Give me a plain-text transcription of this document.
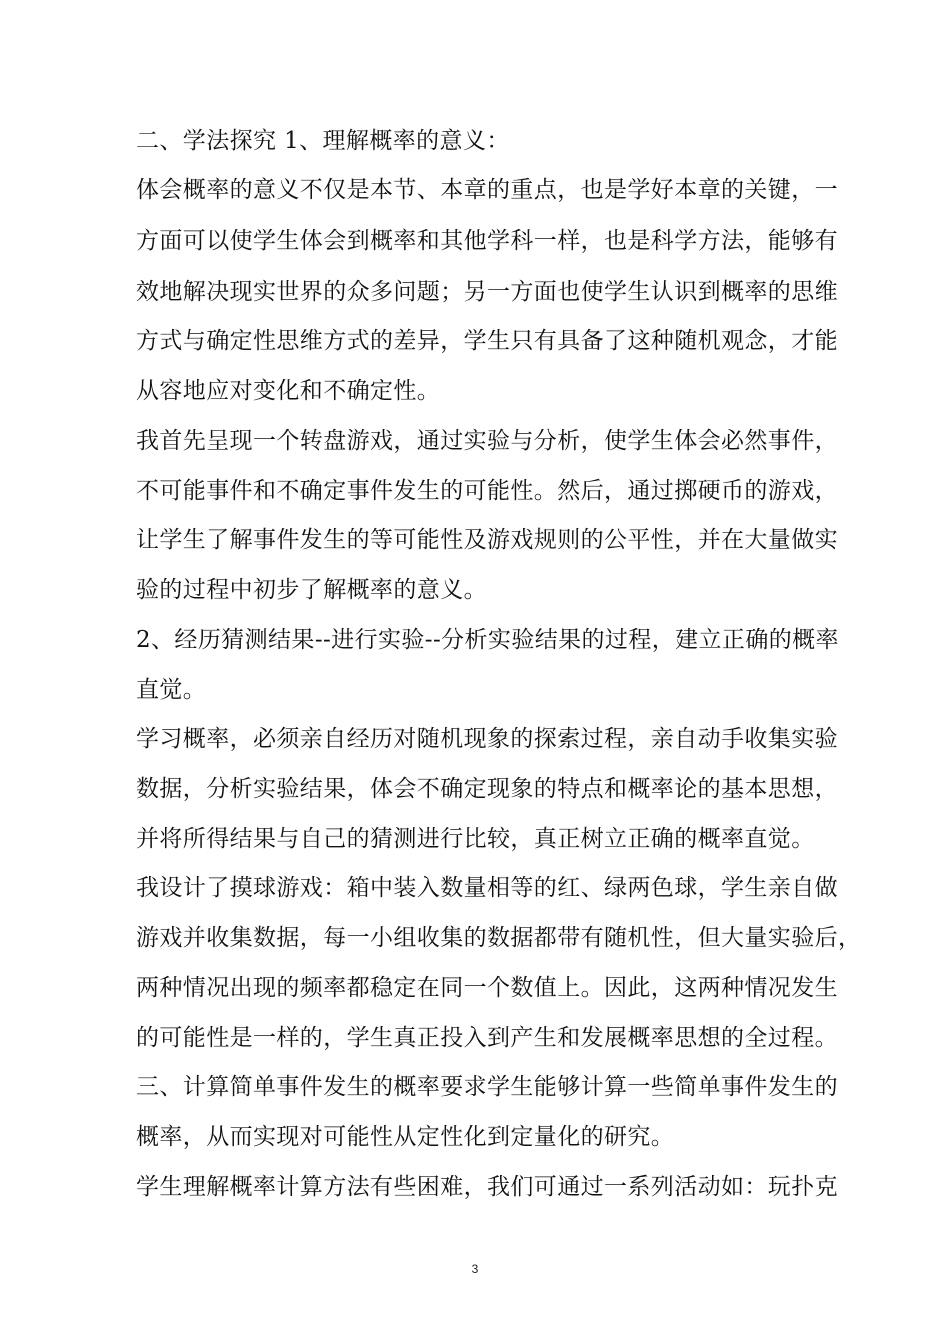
二、学法探究 1、理解概率的意义：
体会概率的意义不仅是本节、本章的重点，也是学好本章的关键，一
方面可以使学生体会到概率和其他学科一样，也是科学方法，能够有
效地解决现实世界的众多问题；另一方面也使学生认识到概率的思维
方式与确定性思维方式的差异，学生只有具备了这种随机观念，才能
从容地应对变化和不确定性。
我首先呈现一个转盘游戏，通过实验与分析，使学生体会必然事件，
不可能事件和不确定事件发生的可能性。然后，通过掷硬币的游戏，
让学生了解事件发生的等可能性及游戏规则的公平性，并在大量做实
验的过程中初步了解概率的意义。
2、经历猜测结果--进行实验--分析实验结果的过程，建立正确的概率
直觉。
学习概率，必须亲自经历对随机现象的探索过程，亲自动手收集实验
数据，分析实验结果，体会不确定现象的特点和概率论的基本思想，
并将所得结果与自己的猜测进行比较，真正树立正确的概率直觉。
我设计了摸球游戏：箱中装入数量相等的红、绿两色球，学生亲自做
游戏并收集数据，每一小组收集的数据都带有随机性，但大量实验后，
两种情况出现的频率都稳定在同一个数值上。因此，这两种情况发生
的可能性是一样的，学生真正投入到产生和发展概率思想的全过程。
三、计算简单事件发生的概率要求学生能够计算一些简单事件发生的
概率，从而实现对可能性从定性化到定量化的研究。
学生理解概率计算方法有些困难，我们可通过一系列活动如：玩扑克
3
